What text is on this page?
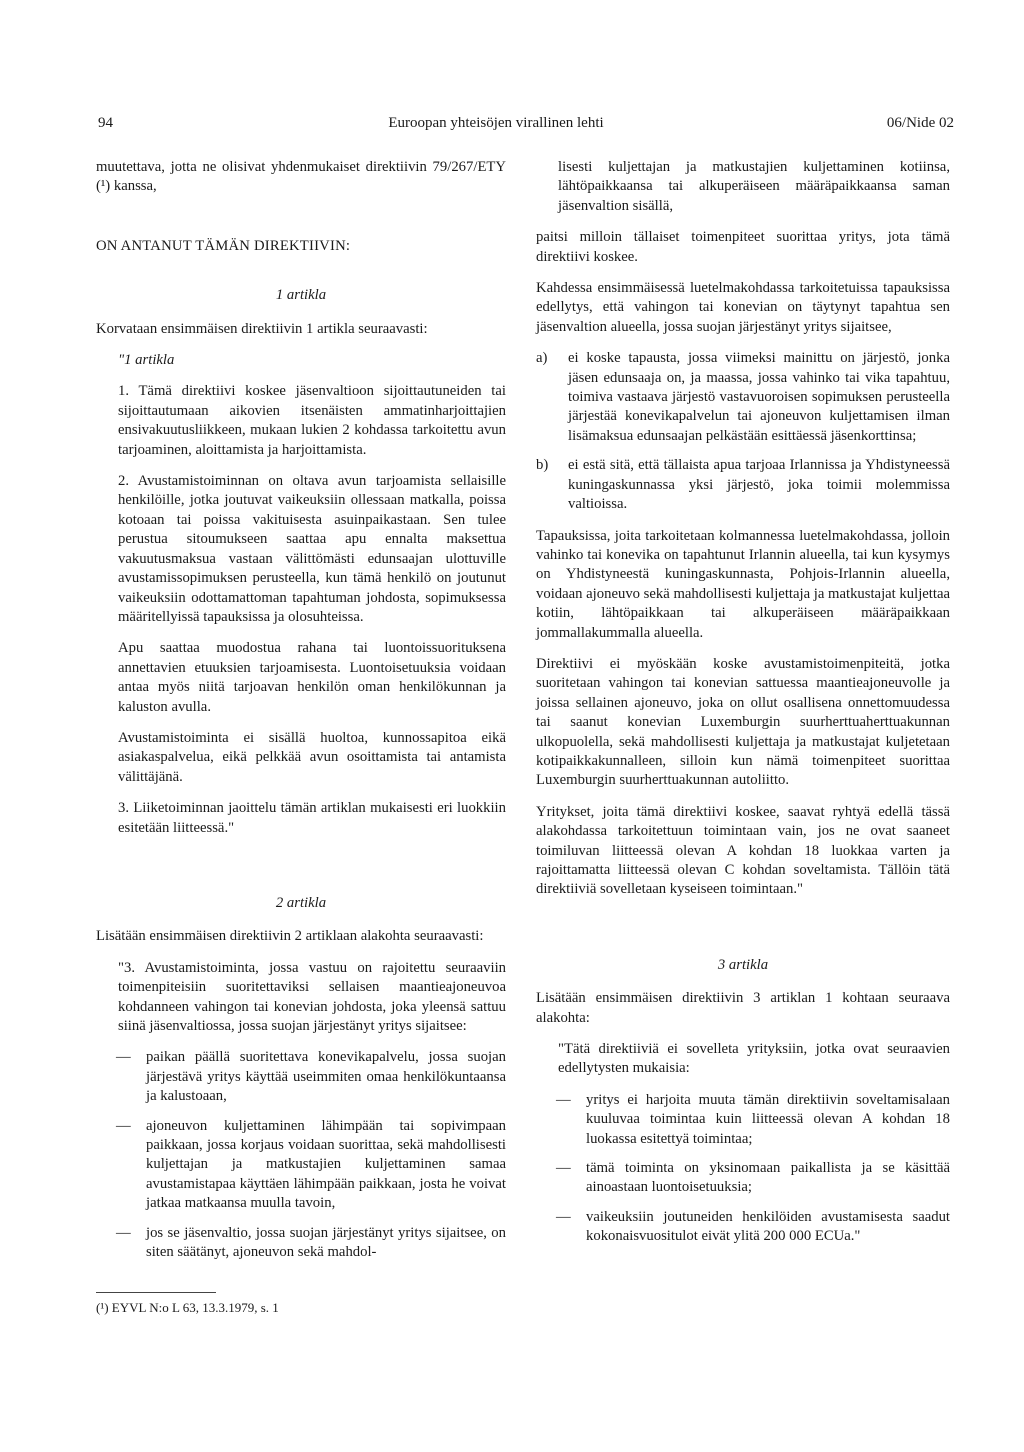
94	Euroopan yhteisöjen virallinen lehti	06/Nide 02

muutettava, jotta ne olisivat yhdenmukaiset direktiivin 79/267/ETY (¹) kanssa,

ON ANTANUT TÄMÄN DIREKTIIVIN:

1 artikla

Korvataan ensimmäisen direktiivin 1 artikla seuraavasti:

"1 artikla

1. Tämä direktiivi koskee jäsenvaltioon sijoittautuneiden tai sijoittautumaan aikovien itsenäisten ammatinharjoittajien ensivakuutusliikkeen, mukaan lukien 2 kohdassa tarkoitettu avun tarjoaminen, aloittamista ja harjoittamista.

2. Avustamistoiminnan on oltava avun tarjoamista sellaisille henkilöille, jotka joutuvat vaikeuksiin ollessaan matkalla, poissa kotoaan tai poissa vakituisesta asuinpaikastaan. Sen tulee perustua sitoumukseen saattaa apu ennalta maksettua vakuutusmaksua vastaan välittömästi edunsaajan ulottuville avustamissopimuksen perusteella, kun tämä henkilö on joutunut vaikeuksiin odottamattoman tapahtuman johdosta, sopimuksessa määritellyissä tapauksissa ja olosuhteissa.

Apu saattaa muodostua rahana tai luontoissuorituksena annettavien etuuksien tarjoamisesta. Luontoisetuuksia voidaan antaa myös niitä tarjoavan henkilön oman henkilökunnan ja kaluston avulla.

Avustamistoiminta ei sisällä huoltoa, kunnossapitoa eikä asiakaspalvelua, eikä pelkkää avun osoittamista tai antamista välittäjänä.

3. Liiketoiminnan jaoittelu tämän artiklan mukaisesti eri luokkiin esitetään liitteessä."

2 artikla

Lisätään ensimmäisen direktiivin 2 artiklaan alakohta seuraavasti:

"3. Avustamistoiminta, jossa vastuu on rajoitettu seuraaviin toimenpiteisiin suoritettaviksi sellaisen maantieajoneuvoa kohdanneen vahingon tai konevian johdosta, joka yleensä sattuu siinä jäsenvaltiossa, jossa suojan järjestänyt yritys sijaitsee:

—	paikan päällä suoritettava konevikapalvelu, jossa suojan järjestävä yritys käyttää useimmiten omaa henkilökuntaansa ja kalustoaan,
—	ajoneuvon kuljettaminen lähimpään tai sopivimpaan paikkaan, jossa korjaus voidaan suorittaa, sekä mahdollisesti kuljettajan ja matkustajien kuljettaminen samaa avustamistapaa käyttäen lähimpään paikkaan, josta he voivat jatkaa matkaansa muulla tavoin,
—	jos se jäsenvaltio, jossa suojan järjestänyt yritys sijaitsee, on siten säätänyt, ajoneuvon sekä mahdol-
(¹) EYVL N:o L 63, 13.3.1979, s. 1

lisesti kuljettajan ja matkustajien kuljettaminen kotiinsa, lähtöpaikkaansa tai alkuperäiseen määräpaikkaansa saman jäsenvaltion sisällä,

paitsi milloin tällaiset toimenpiteet suorittaa yritys, jota tämä direktiivi koskee.

Kahdessa ensimmäisessä luetelmakohdassa tarkoitetuissa tapauksissa edellytys, että vahingon tai konevian on täytynyt tapahtua sen jäsenvaltion alueella, jossa suojan järjestänyt yritys sijaitsee,

a)	ei koske tapausta, jossa viimeksi mainittu on järjestö, jonka jäsen edunsaaja on, ja maassa, jossa vahinko tai vika tapahtuu, toimiva vastaava järjestö vastavuoroisen sopimuksen perusteella järjestää konevikapalvelun tai ajoneuvon kuljettamisen ilman lisämaksua edunsaajan pelkästään esittäessä jäsenkorttinsa;
b)	ei estä sitä, että tällaista apua tarjoaa Irlannissa ja Yhdistyneessä kuningaskunnassa yksi järjestö, joka toimii molemmissa valtioissa.

Tapauksissa, joita tarkoitetaan kolmannessa luetelmakohdassa, jolloin vahinko tai konevika on tapahtunut Irlannin alueella, tai kun kysymys on Yhdistyneestä kuningaskunnasta, Pohjois-Irlannin alueella, voidaan ajoneuvo sekä mahdollisesti kuljettaja ja matkustajat kuljettaa kotiin, lähtöpaikkaan tai alkuperäiseen määräpaikkaan jommallakummalla alueella.

Direktiivi ei myöskään koske avustamistoimenpiteitä, jotka suoritetaan vahingon tai konevian sattuessa maantieajoneuvolle ja joissa sellainen ajoneuvo, joka on ollut osallisena onnettomuudessa tai saanut konevian Luxemburgin suurherttuaherttuakunnan ulkopuolella, sekä mahdollisesti kuljettaja ja matkustajat kuljetetaan kotipaikkakunnalleen, silloin kun nämä toimenpiteet suorittaa Luxemburgin suurherttuakunnan autoliitto.

Yritykset, joita tämä direktiivi koskee, saavat ryhtyä edellä tässä alakohdassa tarkoitettuun toimintaan vain, jos ne ovat saaneet toimiluvan liitteessä olevan A kohdan 18 luokkaa varten ja rajoittamatta liitteessä olevan C kohdan soveltamista. Tällöin tätä direktiiviä sovelletaan kyseiseen toimintaan."

3 artikla

Lisätään ensimmäisen direktiivin 3 artiklan 1 kohtaan seuraava alakohta:

"Tätä direktiiviä ei sovelleta yrityksiin, jotka ovat seuraavien edellytysten mukaisia:

—	yritys ei harjoita muuta tämän direktiivin soveltamisalaan kuuluvaa toimintaa kuin liitteessä olevan A kohdan 18 luokassa esitettyä toimintaa;
—	tämä toiminta on yksinomaan paikallista ja se käsittää ainoastaan luontoisetuuksia;
—	vaikeuksiin joutuneiden henkilöiden avustamisesta saadut kokonaisvuositulot eivät ylitä 200 000 ECUa."
